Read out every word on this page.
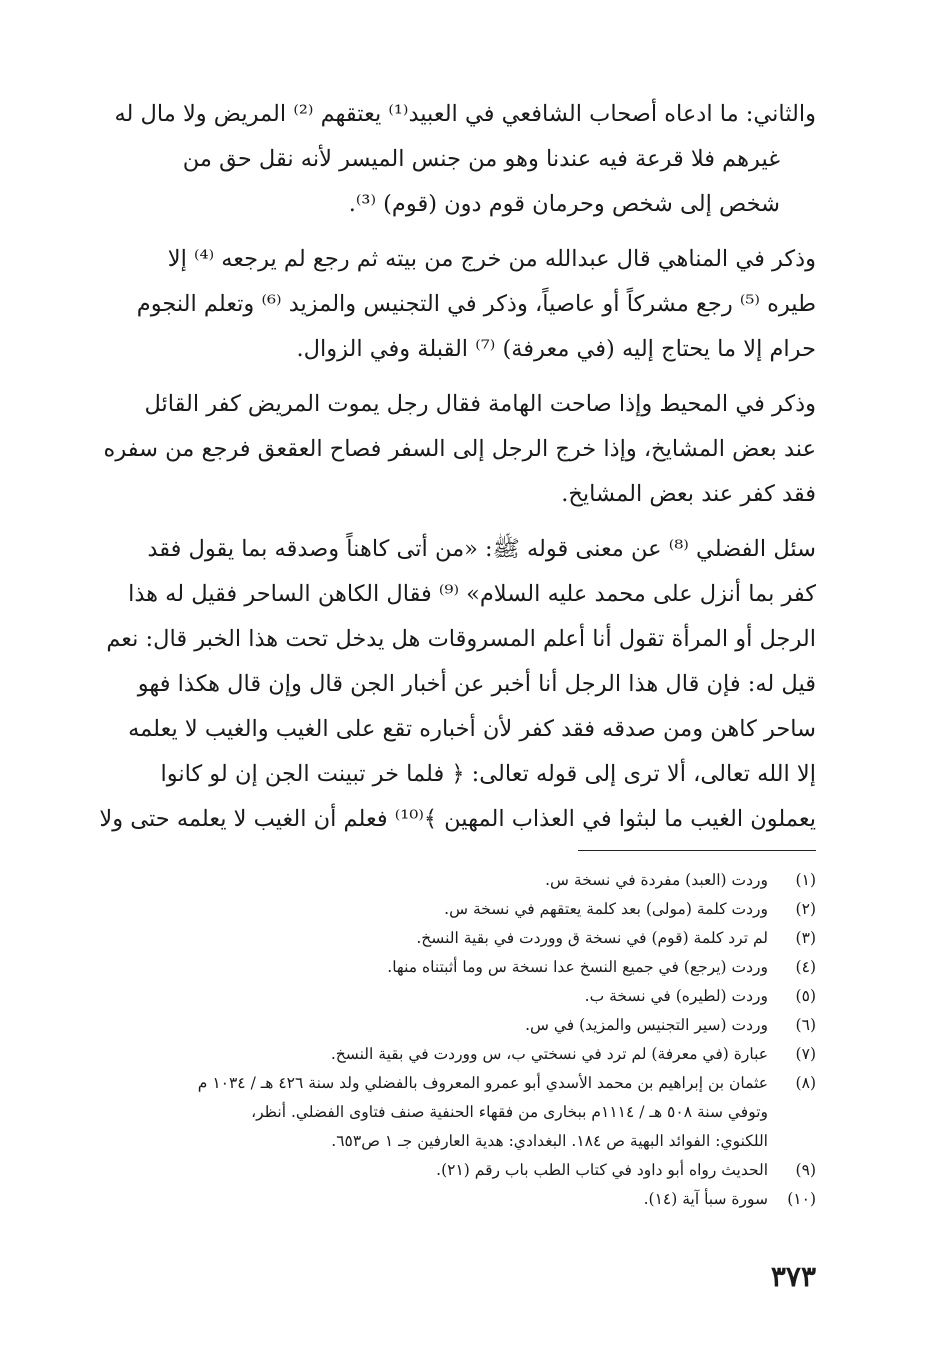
والثاني: ما ادعاه أصحاب الشافعي في العبيد⁽¹⁾ يعتقهم ⁽²⁾ المريض ولا مال له
غيرهم فلا قرعة فيه عندنا وهو من جنس الميسر لأنه نقل حق من
شخص إلى شخص وحرمان قوم دون (قوم) ⁽³⁾.
وذكر في المناهي قال عبدالله من خرج من بيته ثم رجع لم يرجعه ⁽⁴⁾ إلا
طيره ⁽⁵⁾ رجع مشركاً أو عاصياً، وذكر في التجنيس والمزيد ⁽⁶⁾ وتعلم النجوم
حرام إلا ما يحتاج إليه (في معرفة) ⁽⁷⁾ القبلة وفي الزوال.
وذكر في المحيط وإذا صاحت الهامة فقال رجل يموت المريض كفر القائل
عند بعض المشايخ، وإذا خرج الرجل إلى السفر فصاح العقعق فرجع من سفره
فقد كفر عند بعض المشايخ.
سئل الفضلي ⁽⁸⁾ عن معنى قوله ﷺ: «من أتى كاهناً وصدقه بما يقول فقد
كفر بما أنزل على محمد عليه السلام» ⁽⁹⁾ فقال الكاهن الساحر فقيل له هذا
الرجل أو المرأة تقول أنا أعلم المسروقات هل يدخل تحت هذا الخبر قال: نعم
قيل له: فإن قال هذا الرجل أنا أخبر عن أخبار الجن قال وإن قال هكذا فهو
ساحر كاهن ومن صدقه فقد كفر لأن أخباره تقع على الغيب والغيب لا يعلمه
إلا الله تعالى، ألا ترى إلى قوله تعالى: ﴿ فلما خر تبينت الجن إن لو كانوا
يعملون الغيب ما لبثوا في العذاب المهين ﴾⁽¹⁰⁾ فعلم أن الغيب لا يعلمه حتى ولا
(١)
وردت (العبد) مفردة في نسخة س.
(٢)
وردت كلمة (مولى) بعد كلمة يعتقهم في نسخة س.
(٣)
لم ترد كلمة (قوم) في نسخة ق ووردت في بقية النسخ.
(٤)
وردت (يرجع) في جميع النسخ عدا نسخة س وما أثبتناه منها.
(٥)
وردت (لطيره) في نسخة ب.
(٦)
وردت (سير التجنيس والمزيد) في س.
(٧)
عبارة (في معرفة) لم ترد في نسختي ب، س ووردت في بقية النسخ.
(٨)
عثمان بن إبراهيم بن محمد الأسدي أبو عمرو المعروف بالفضلي ولد سنة ٤٢٦ هـ / ١٠٣٤ م
وتوفي سنة ٥٠٨ هـ / ١١١٤م ببخارى من فقهاء الحنفية صنف فتاوى الفضلي. أنظر،
اللكنوي: الفوائد البهية ص ١٨٤. البغدادي: هدية العارفين جـ ١ ص٦٥٣.
(٩)
الحديث رواه أبو داود في كتاب الطب باب رقم (٢١).
(١٠)
سورة سبأ آية (١٤).
٣٧٣
